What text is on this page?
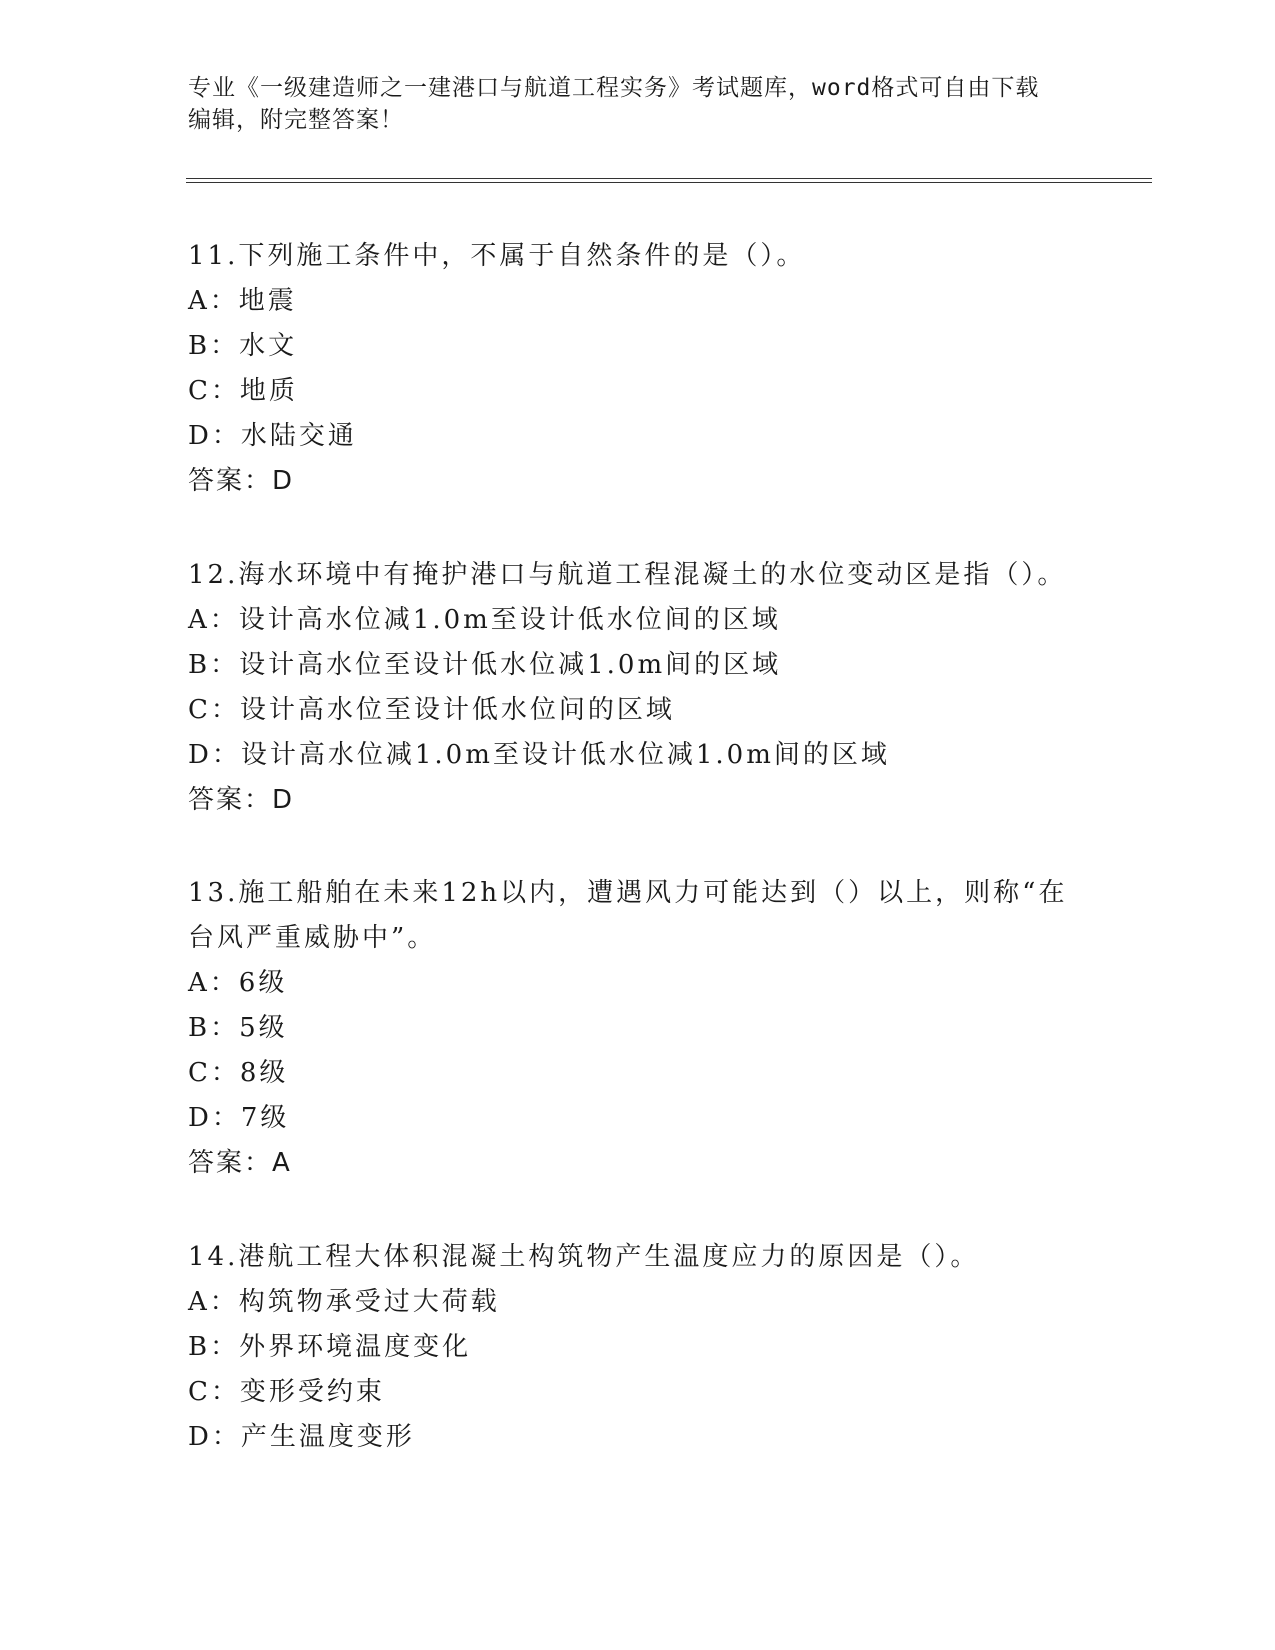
专业《一级建造师之一建港口与航道工程实务》考试题库，word格式可自由下载
编辑，附完整答案！
11.下列施工条件中，不属于自然条件的是（）。
A：地震
B：水文
C：地质
D：水陆交通
答案：D
12.海水环境中有掩护港口与航道工程混凝土的水位变动区是指（）。
A：设计高水位减1.0m至设计低水位间的区域
B：设计高水位至设计低水位减1.0m间的区域
C：设计高水位至设计低水位问的区域
D：设计高水位减1.0m至设计低水位减1.0m间的区域
答案：D
13.施工船舶在未来12h以内，遭遇风力可能达到（）以上，则称“在
台风严重威胁中”。
A：6级
B：5级
C：8级
D：7级
答案：A
14.港航工程大体积混凝土构筑物产生温度应力的原因是（）。
A：构筑物承受过大荷载
B：外界环境温度变化
C：变形受约束
D：产生温度变形
